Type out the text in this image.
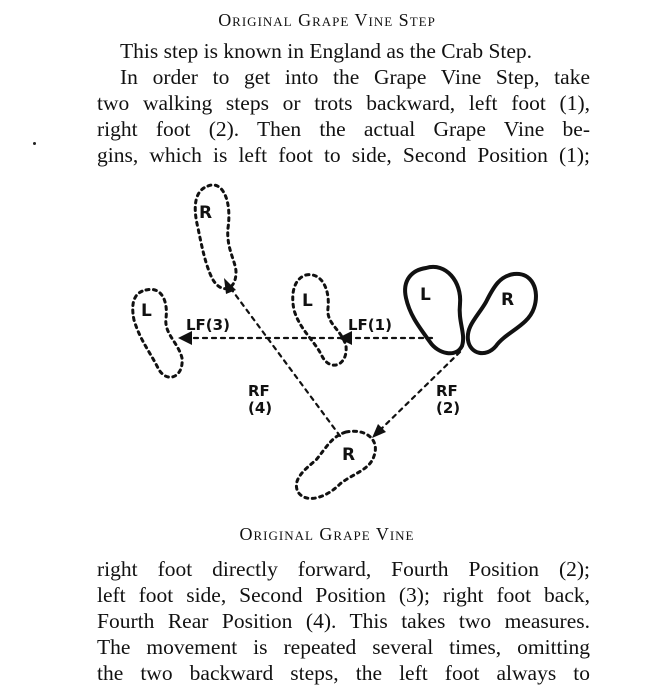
Original Grape Vine Step
This step is known in England as the Crab Step.
In order to get into the Grape Vine Step, take
two walking steps or trots backward, left foot (1),
right foot (2). Then the actual Grape Vine be-
gins, which is left foot to side, Second Position (1);
R
L	L	L	R
R
LF(3)	LF(1)
RF
(4)
RF
(2)
Original Grape Vine
right foot directly forward, Fourth Position (2);
left foot side, Second Position (3); right foot back,
Fourth Rear Position (4). This takes two measures.
The movement is repeated several times, omitting
the two backward steps, the left foot always to
